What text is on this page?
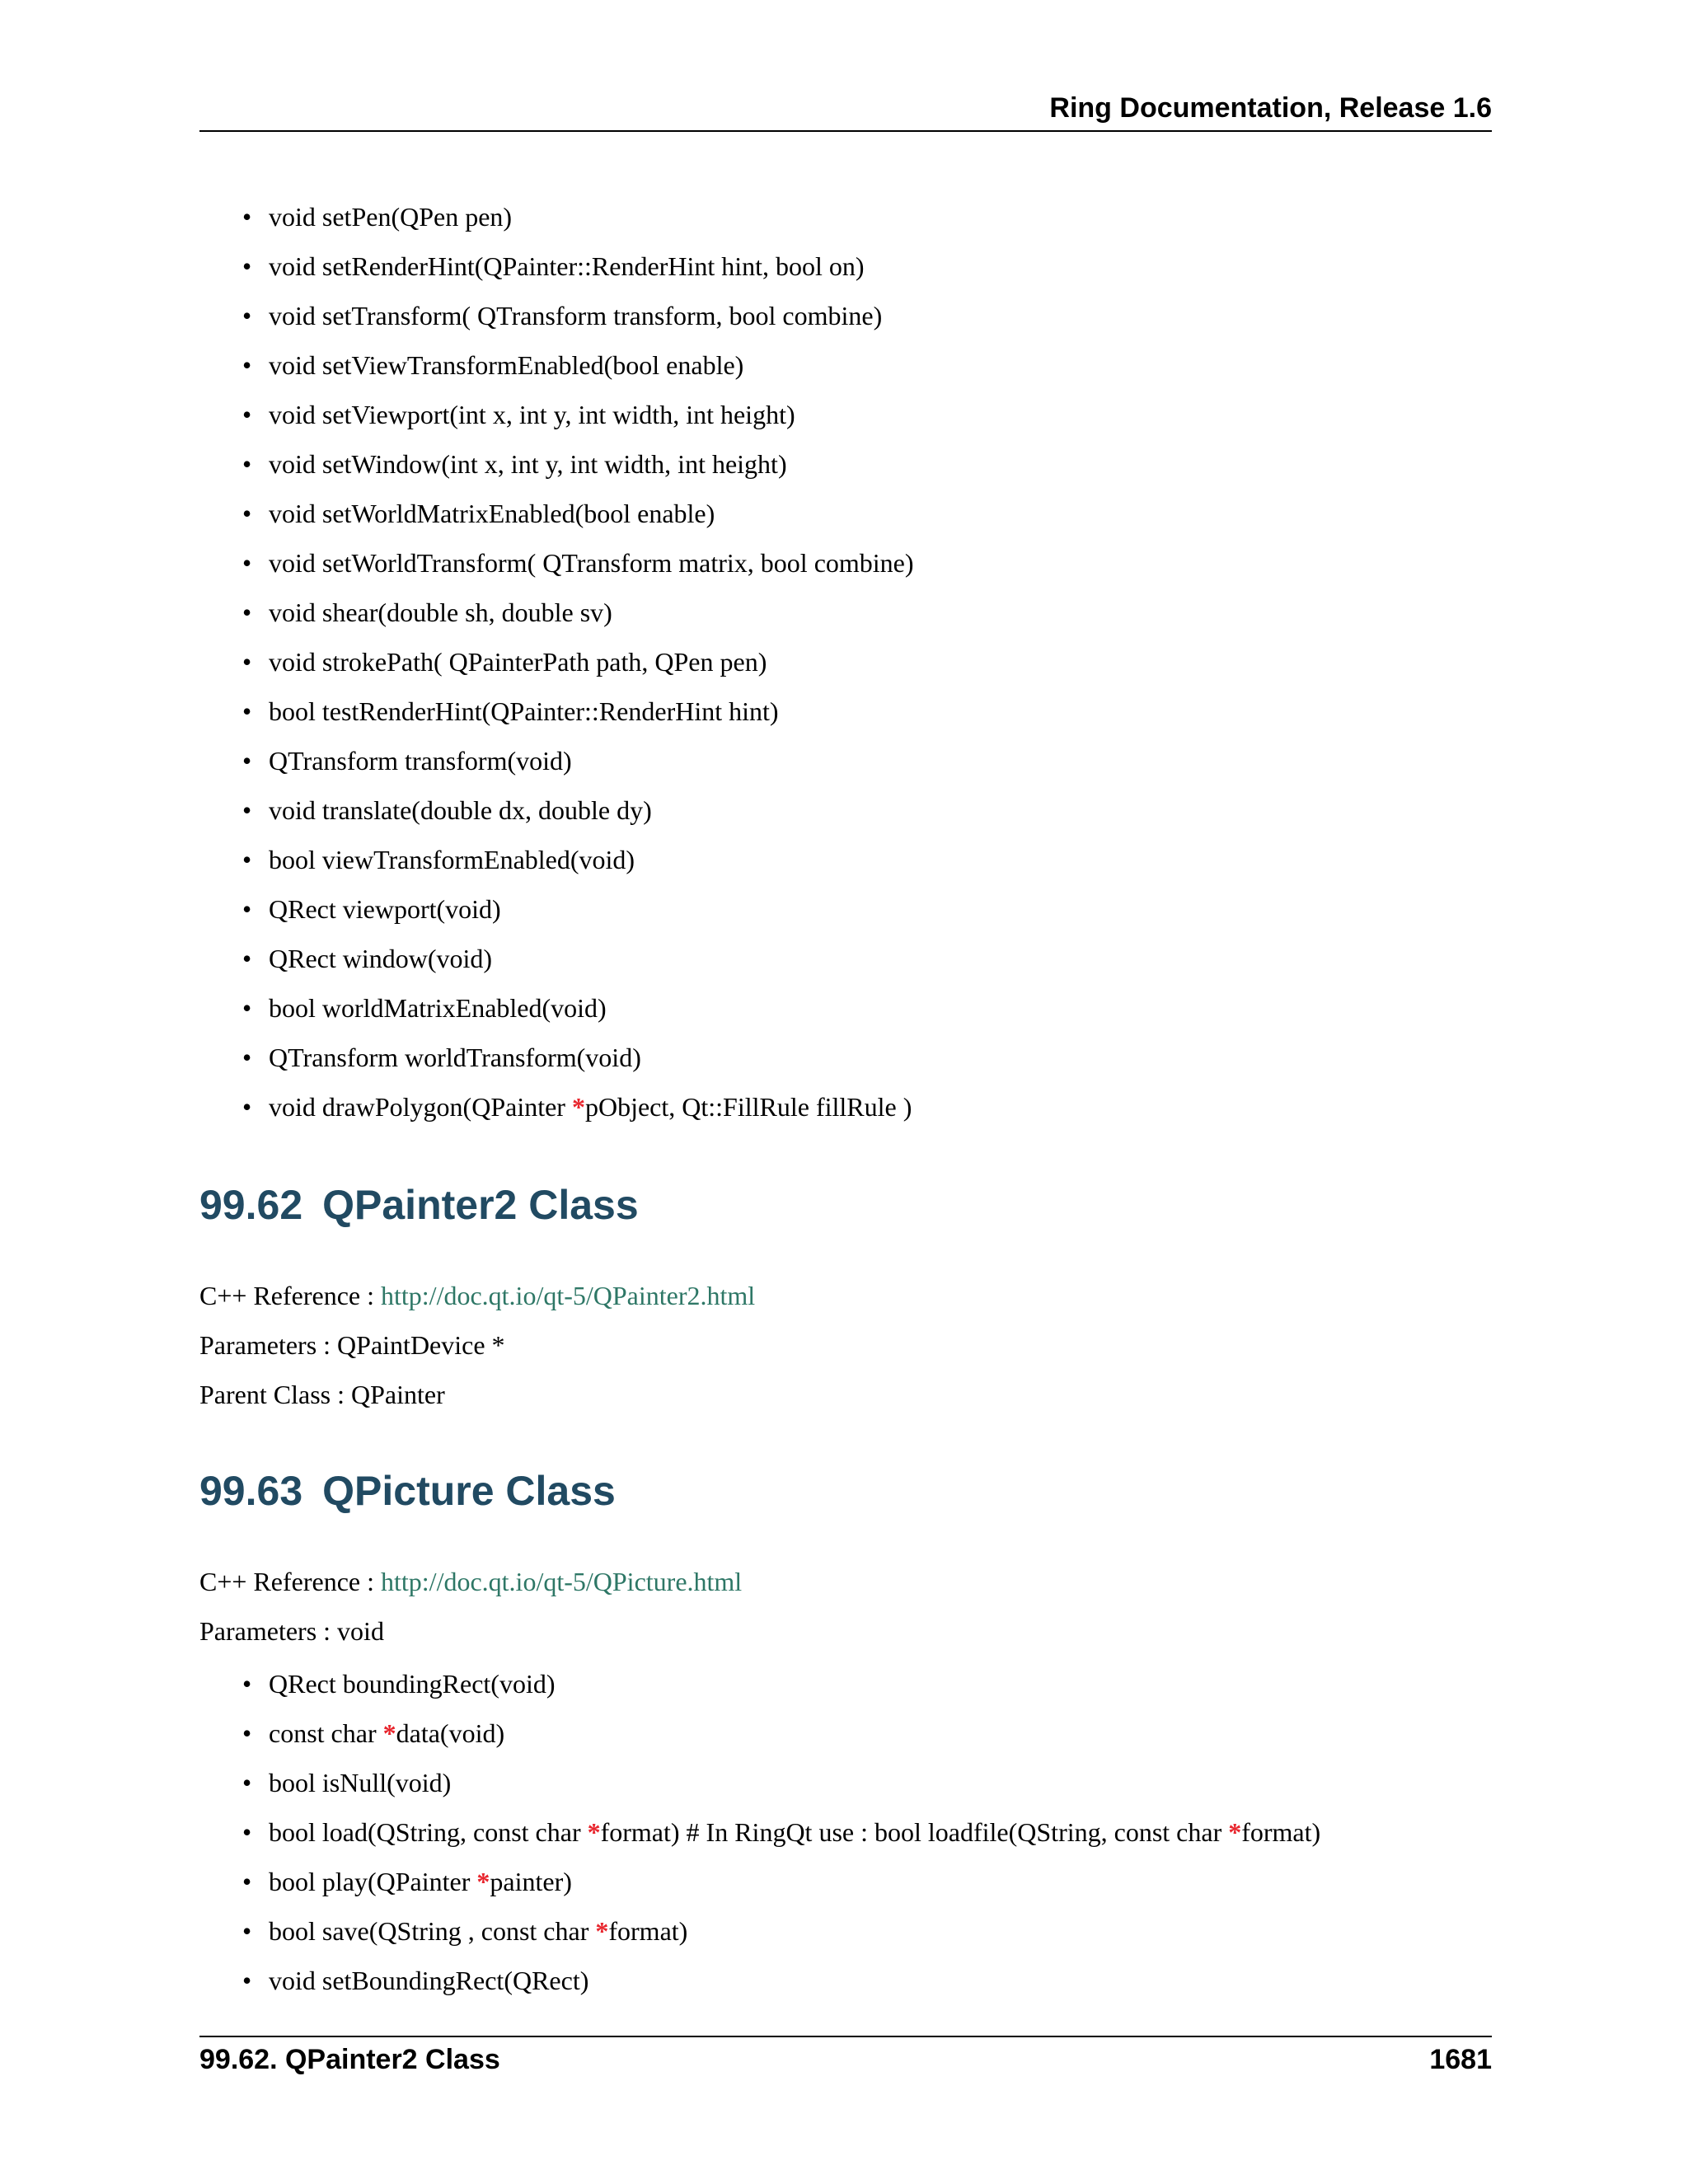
Ring Documentation, Release 1.6
• void setPen(QPen pen)
• void setRenderHint(QPainter::RenderHint hint, bool on)
• void setTransform( QTransform transform, bool combine)
• void setViewTransformEnabled(bool enable)
• void setViewport(int x, int y, int width, int height)
• void setWindow(int x, int y, int width, int height)
• void setWorldMatrixEnabled(bool enable)
• void setWorldTransform( QTransform matrix, bool combine)
• void shear(double sh, double sv)
• void strokePath( QPainterPath path, QPen pen)
• bool testRenderHint(QPainter::RenderHint hint)
• QTransform transform(void)
• void translate(double dx, double dy)
• bool viewTransformEnabled(void)
• QRect viewport(void)
• QRect window(void)
• bool worldMatrixEnabled(void)
• QTransform worldTransform(void)
• void drawPolygon(QPainter *pObject, Qt::FillRule fillRule )
99.62 QPainter2 Class
C++ Reference : http://doc.qt.io/qt-5/QPainter2.html
Parameters : QPaintDevice *
Parent Class : QPainter
99.63 QPicture Class
C++ Reference : http://doc.qt.io/qt-5/QPicture.html
Parameters : void
• QRect boundingRect(void)
• const char *data(void)
• bool isNull(void)
• bool load(QString, const char *format) # In RingQt use : bool loadfile(QString, const char *format)
• bool play(QPainter *painter)
• bool save(QString , const char *format)
• void setBoundingRect(QRect)
99.62. QPainter2 Class	1681
